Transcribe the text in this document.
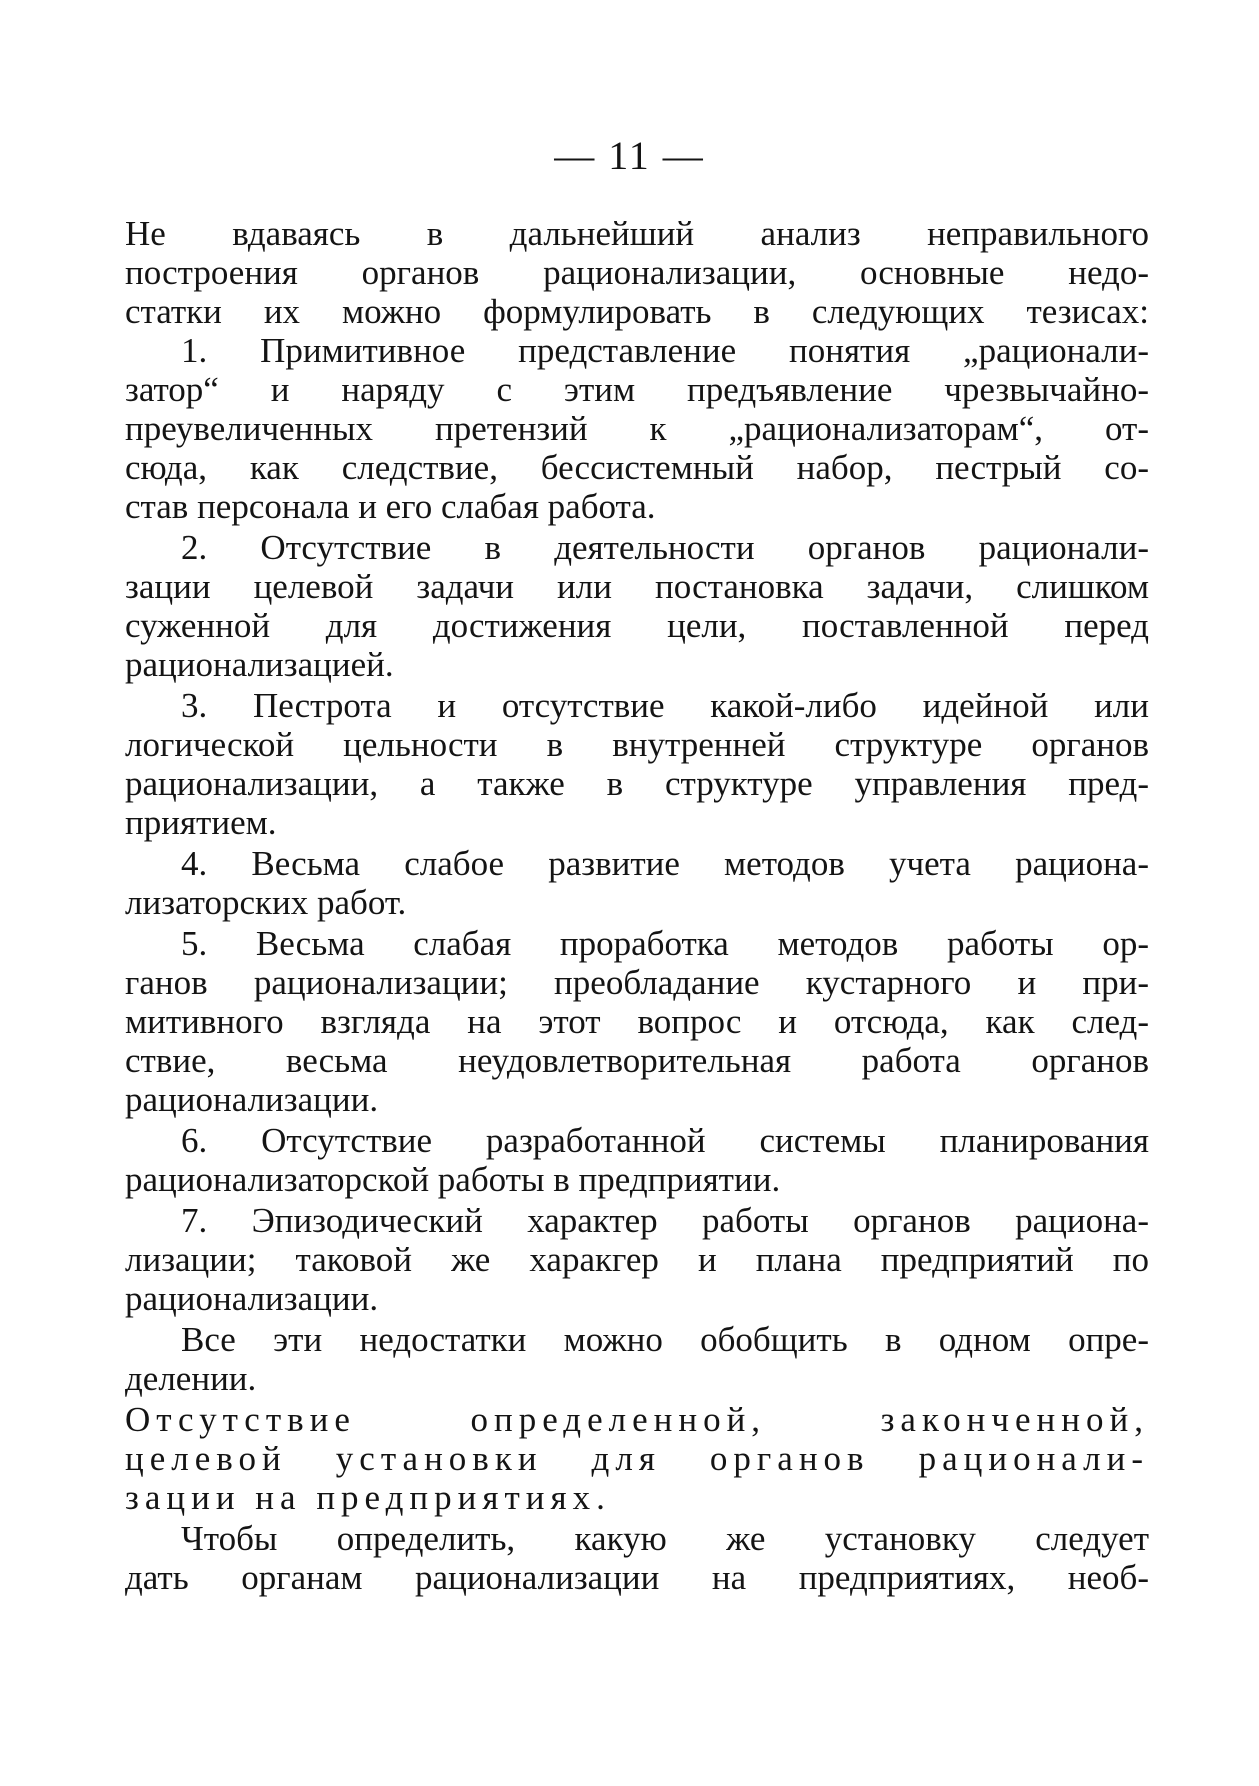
— 11 —
Не вдаваясь в дальнейший анализ неправильного
построения органов рационализации, основные недо-
статки их можно формулировать в следующих тезисах:
1. Примитивное представление понятия „рационали-
затор“ и наряду с этим предъявление чрезвычайно-
преувеличенных претензий к „рационализаторам“, от-
сюда, как следствие, бессистемный набор, пестрый со-
став персонала и его слабая работа.
2. Отсутствие в деятельности органов рационали-
зации целевой задачи или постановка задачи, слишком
суженной для достижения цели, поставленной перед
рационализацией.
3. Пестрота и отсутствие какой-либо идейной или
логической цельности в внутренней структуре органов
рационализации, а также в структуре управления пред-
приятием.
4. Весьма слабое развитие методов учета рациона-
лизаторских работ.
5. Весьма слабая проработка методов работы ор-
ганов рационализации; преобладание кустарного и при-
митивного взгляда на этот вопрос и отсюда, как след-
ствие, весьма неудовлетворительная работа органов
рационализации.
6. Отсутствие разработанной системы планирования
рационализаторской работы в предприятии.
7. Эпизодический характер работы органов рациона-
лизации; таковой же харакгер и плана предприятий по
рационализации.
Все эти недостатки можно обобщить в одном опре-
делении.
Отсутствие определенной, законченной,
целевой установки для органов рационали-
зации на предприятиях.
Чтобы определить, какую же установку следует
дать органам рационализации на предприятиях, необ-
